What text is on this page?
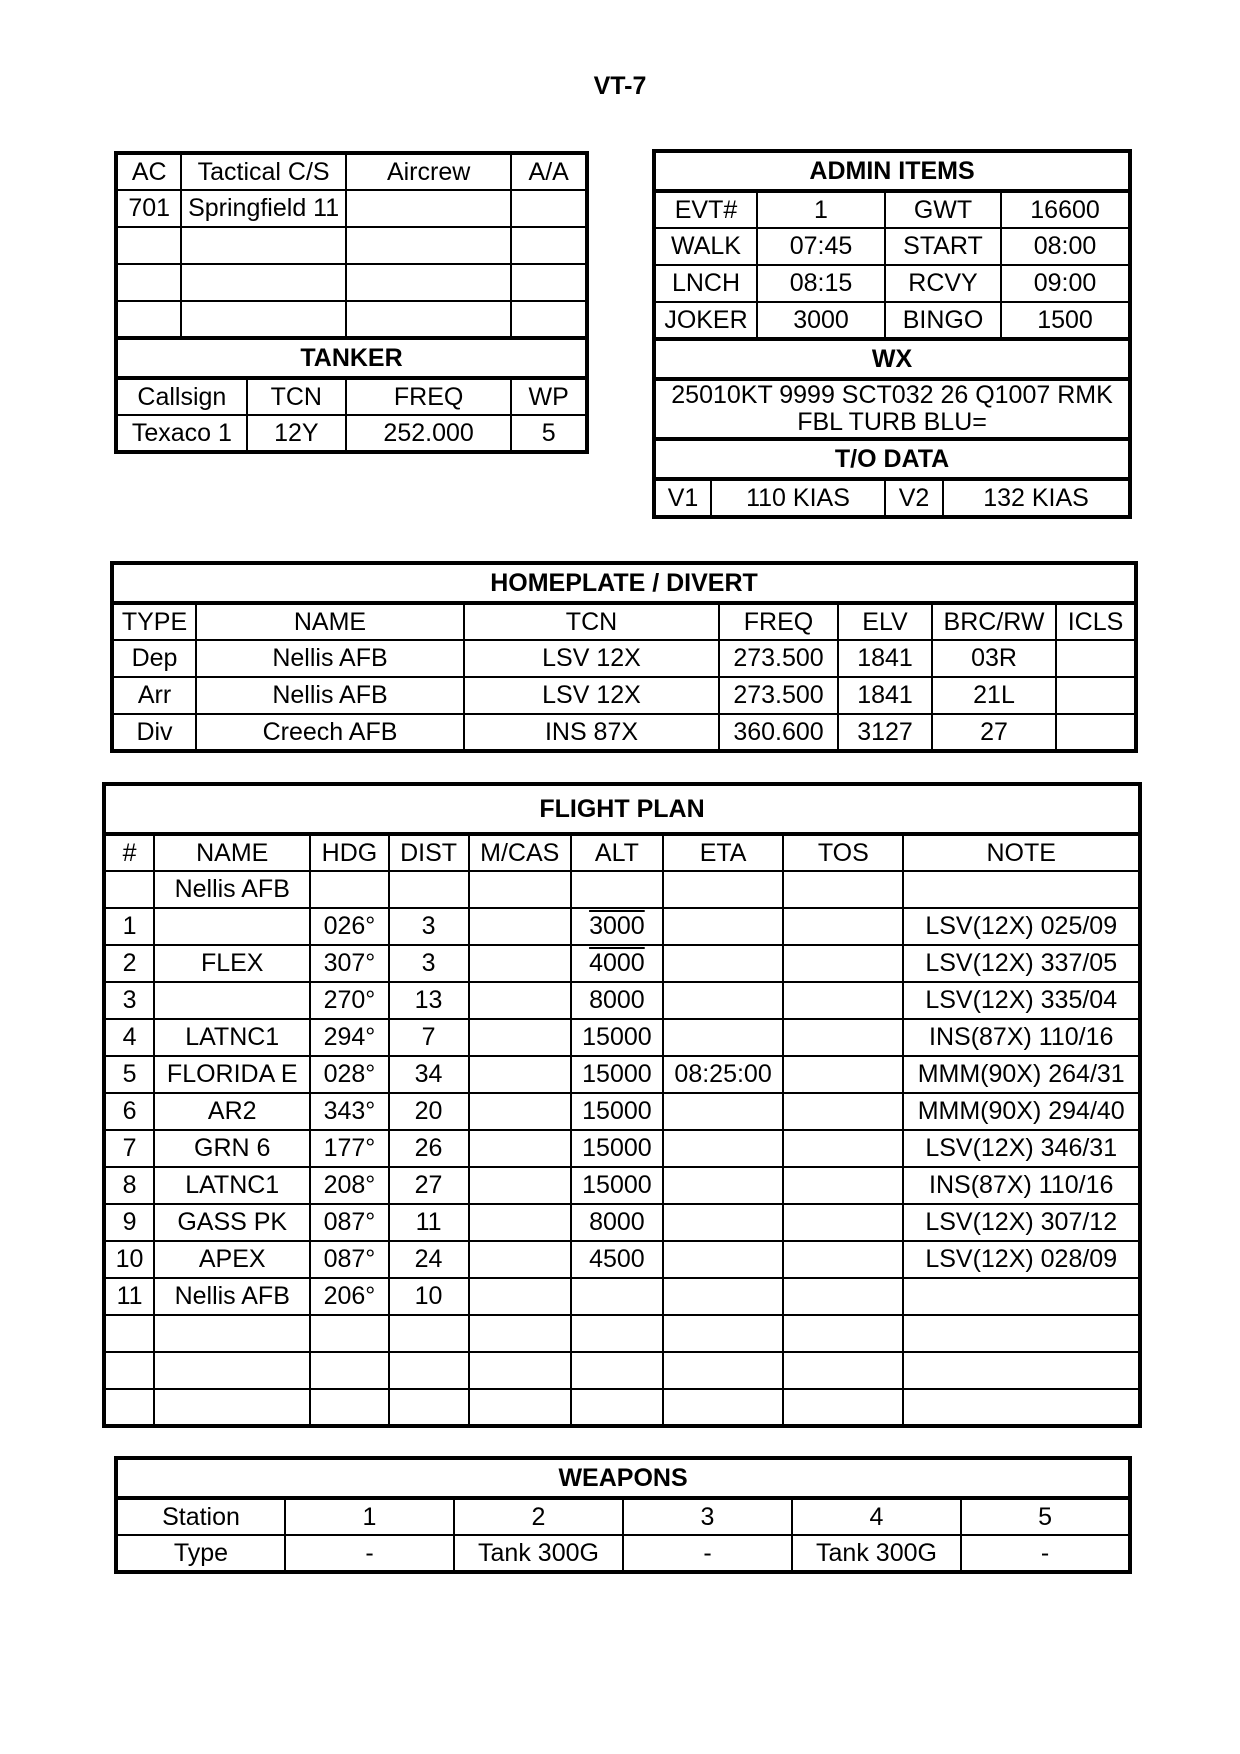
VT-7
AC	Tactical C/S		Aircrew	A/A
701	Springfield 11			

TANKER				
Callsign		TCN	FREQ	WP
Texaco 1		12Y	252.000	5
ADMIN ITEMS					
EVT#		1	GWT		16600
WALK		07:45	START		08:00
LNCH		08:15	RCVY		09:00
JOKER		3000	BINGO		1500
WX					
25010KT 9999 SCT032 26 Q1007 RMK FBL TURB BLU=					
T/O DATA					
V1	110 KIAS		V2	132 KIAS	
HOMEPLATE / DIVERT						
TYPE	NAME	TCN	FREQ	ELV	BRC/RW	ICLS
Dep	Nellis AFB	LSV 12X	273.500	1841	03R	
Arr	Nellis AFB	LSV 12X	273.500	1841	21L	
Div	Creech AFB	INS 87X	360.600	3127	27	
FLIGHT PLAN								
#	NAME	HDG	DIST	M/CAS	ALT	ETA	TOS	NOTE
	Nellis AFB							
1		026°	3		3000			LSV(12X) 025/09
2	FLEX	307°	3		4000			LSV(12X) 337/05
3		270°	13		8000			LSV(12X) 335/04
4	LATNC1	294°	7		15000			INS(87X) 110/16
5	FLORIDA E	028°	34		15000	08:25:00		MMM(90X) 264/31
6	AR2	343°	20		15000			MMM(90X) 294/40
7	GRN 6	177°	26		15000			LSV(12X) 346/31
8	LATNC1	208°	27		15000			INS(87X) 110/16
9	GASS PK	087°	11		8000			LSV(12X) 307/12
10	APEX	087°	24		4500			LSV(12X) 028/09
11	Nellis AFB	206°	10					

WEAPONS					
Station	1	2	3	4	5
Type	-	Tank 300G	-	Tank 300G	-
